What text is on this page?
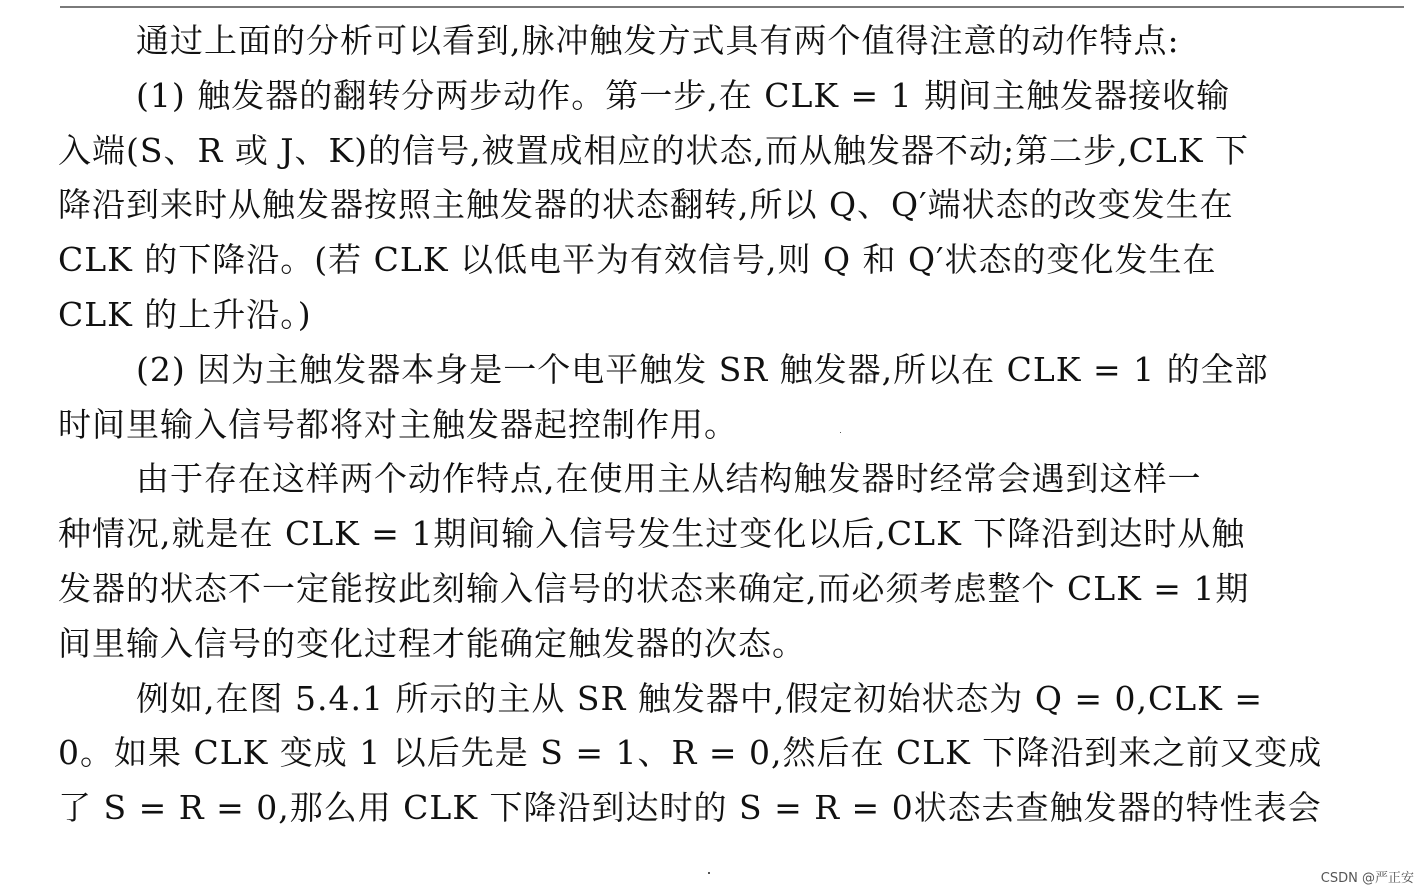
通过上面的分析可以看到,脉冲触发方式具有两个值得注意的动作特点:
(1) 触发器的翻转分两步动作。第一步,在 CLK = 1 期间主触发器接收输
入端(S、R 或 J、K)的信号,被置成相应的状态,而从触发器不动;第二步,CLK 下
降沿到来时从触发器按照主触发器的状态翻转,所以 Q、Q′端状态的改变发生在
CLK 的下降沿。(若 CLK 以低电平为有效信号,则 Q 和 Q′状态的变化发生在
CLK 的上升沿。)
(2) 因为主触发器本身是一个电平触发 SR 触发器,所以在 CLK = 1 的全部
时间里输入信号都将对主触发器起控制作用。
由于存在这样两个动作特点,在使用主从结构触发器时经常会遇到这样一
种情况,就是在 CLK = 1期间输入信号发生过变化以后,CLK 下降沿到达时从触
发器的状态不一定能按此刻输入信号的状态来确定,而必须考虑整个 CLK = 1期
间里输入信号的变化过程才能确定触发器的次态。
例如,在图 5.4.1 所示的主从 SR 触发器中,假定初始状态为 Q = 0,CLK =
0。如果 CLK 变成 1 以后先是 S = 1、R = 0,然后在 CLK 下降沿到来之前又变成
了 S = R = 0,那么用 CLK 下降沿到达时的 S = R = 0状态去查触发器的特性表会
CSDN @严正安
